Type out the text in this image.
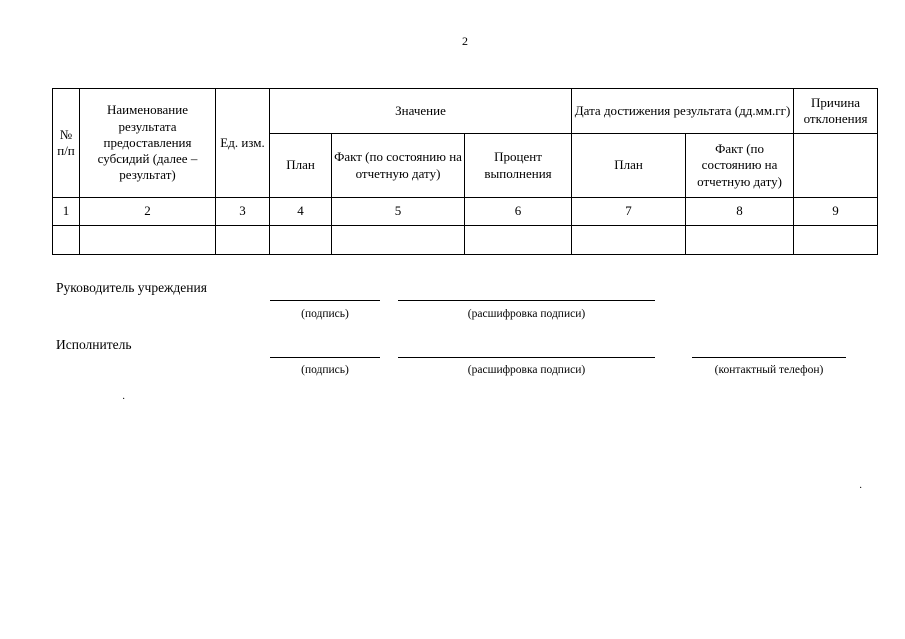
2
№ п/п	Наименование результата предоставления субсидий (далее – результат)	Ед. изм.	Значение			Дата достижения результата (дд.мм.гг)		Причина отклонения
			План	Факт (по состоянию на отчетную дату)	Процент выполнения	План	Факт (по состоянию на отчетную дату)	
1	2	3	4	5	6	7	8	9

Руководитель учреждения
(подпись)	(расшифровка подписи)
Исполнитель
(подпись)	(расшифровка подписи)	(контактный телефон)
·
·
